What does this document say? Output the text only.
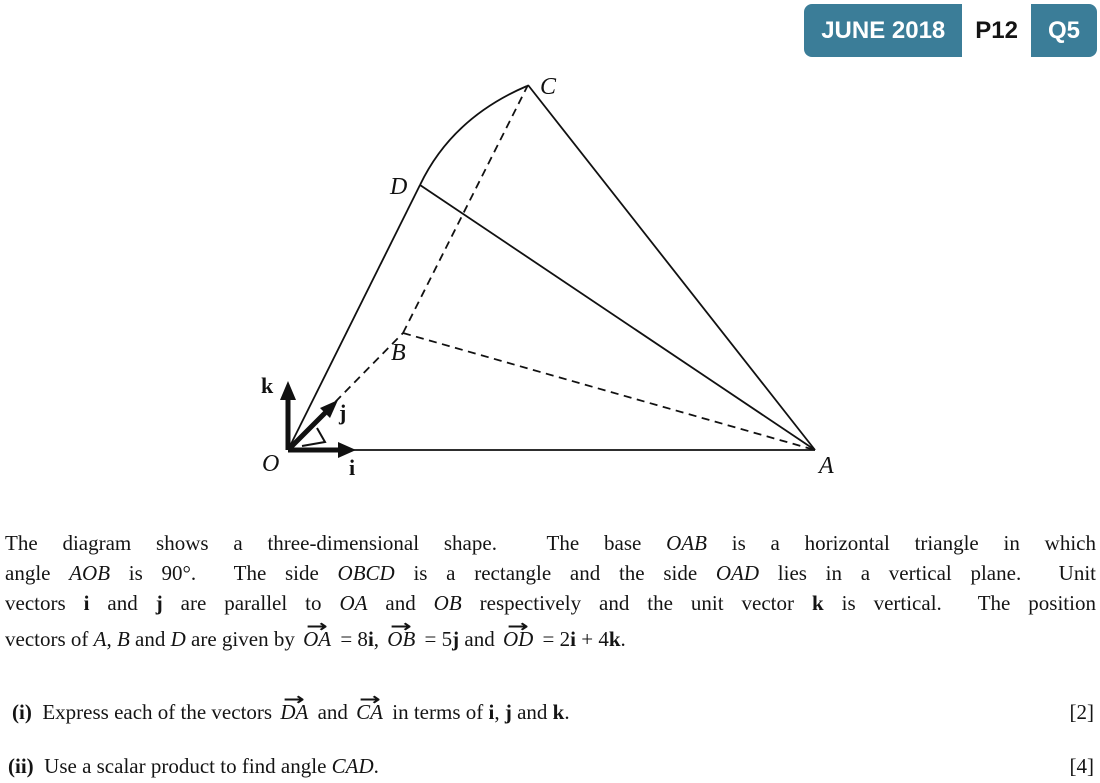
JUNE 2018	P12	Q5
O	A
B
C
D
k
j
i
The diagram shows a three-dimensional shape.  The base OAB is a horizontal triangle in which
angle AOB is 90°.  The side OBCD is a rectangle and the side OAD lies in a vertical plane.  Unit
vectors i and j are parallel to OA and OB respectively and the unit vector k is vertical.  The position
vectors of A, B and D are given by → OA = 8i, → OB = 5j and → OD = 2i + 4k.
(i)  Express each of the vectors → DA and → CA in terms of i, j and k.	[2]
(ii)  Use a scalar product to find angle CAD.	[4]
